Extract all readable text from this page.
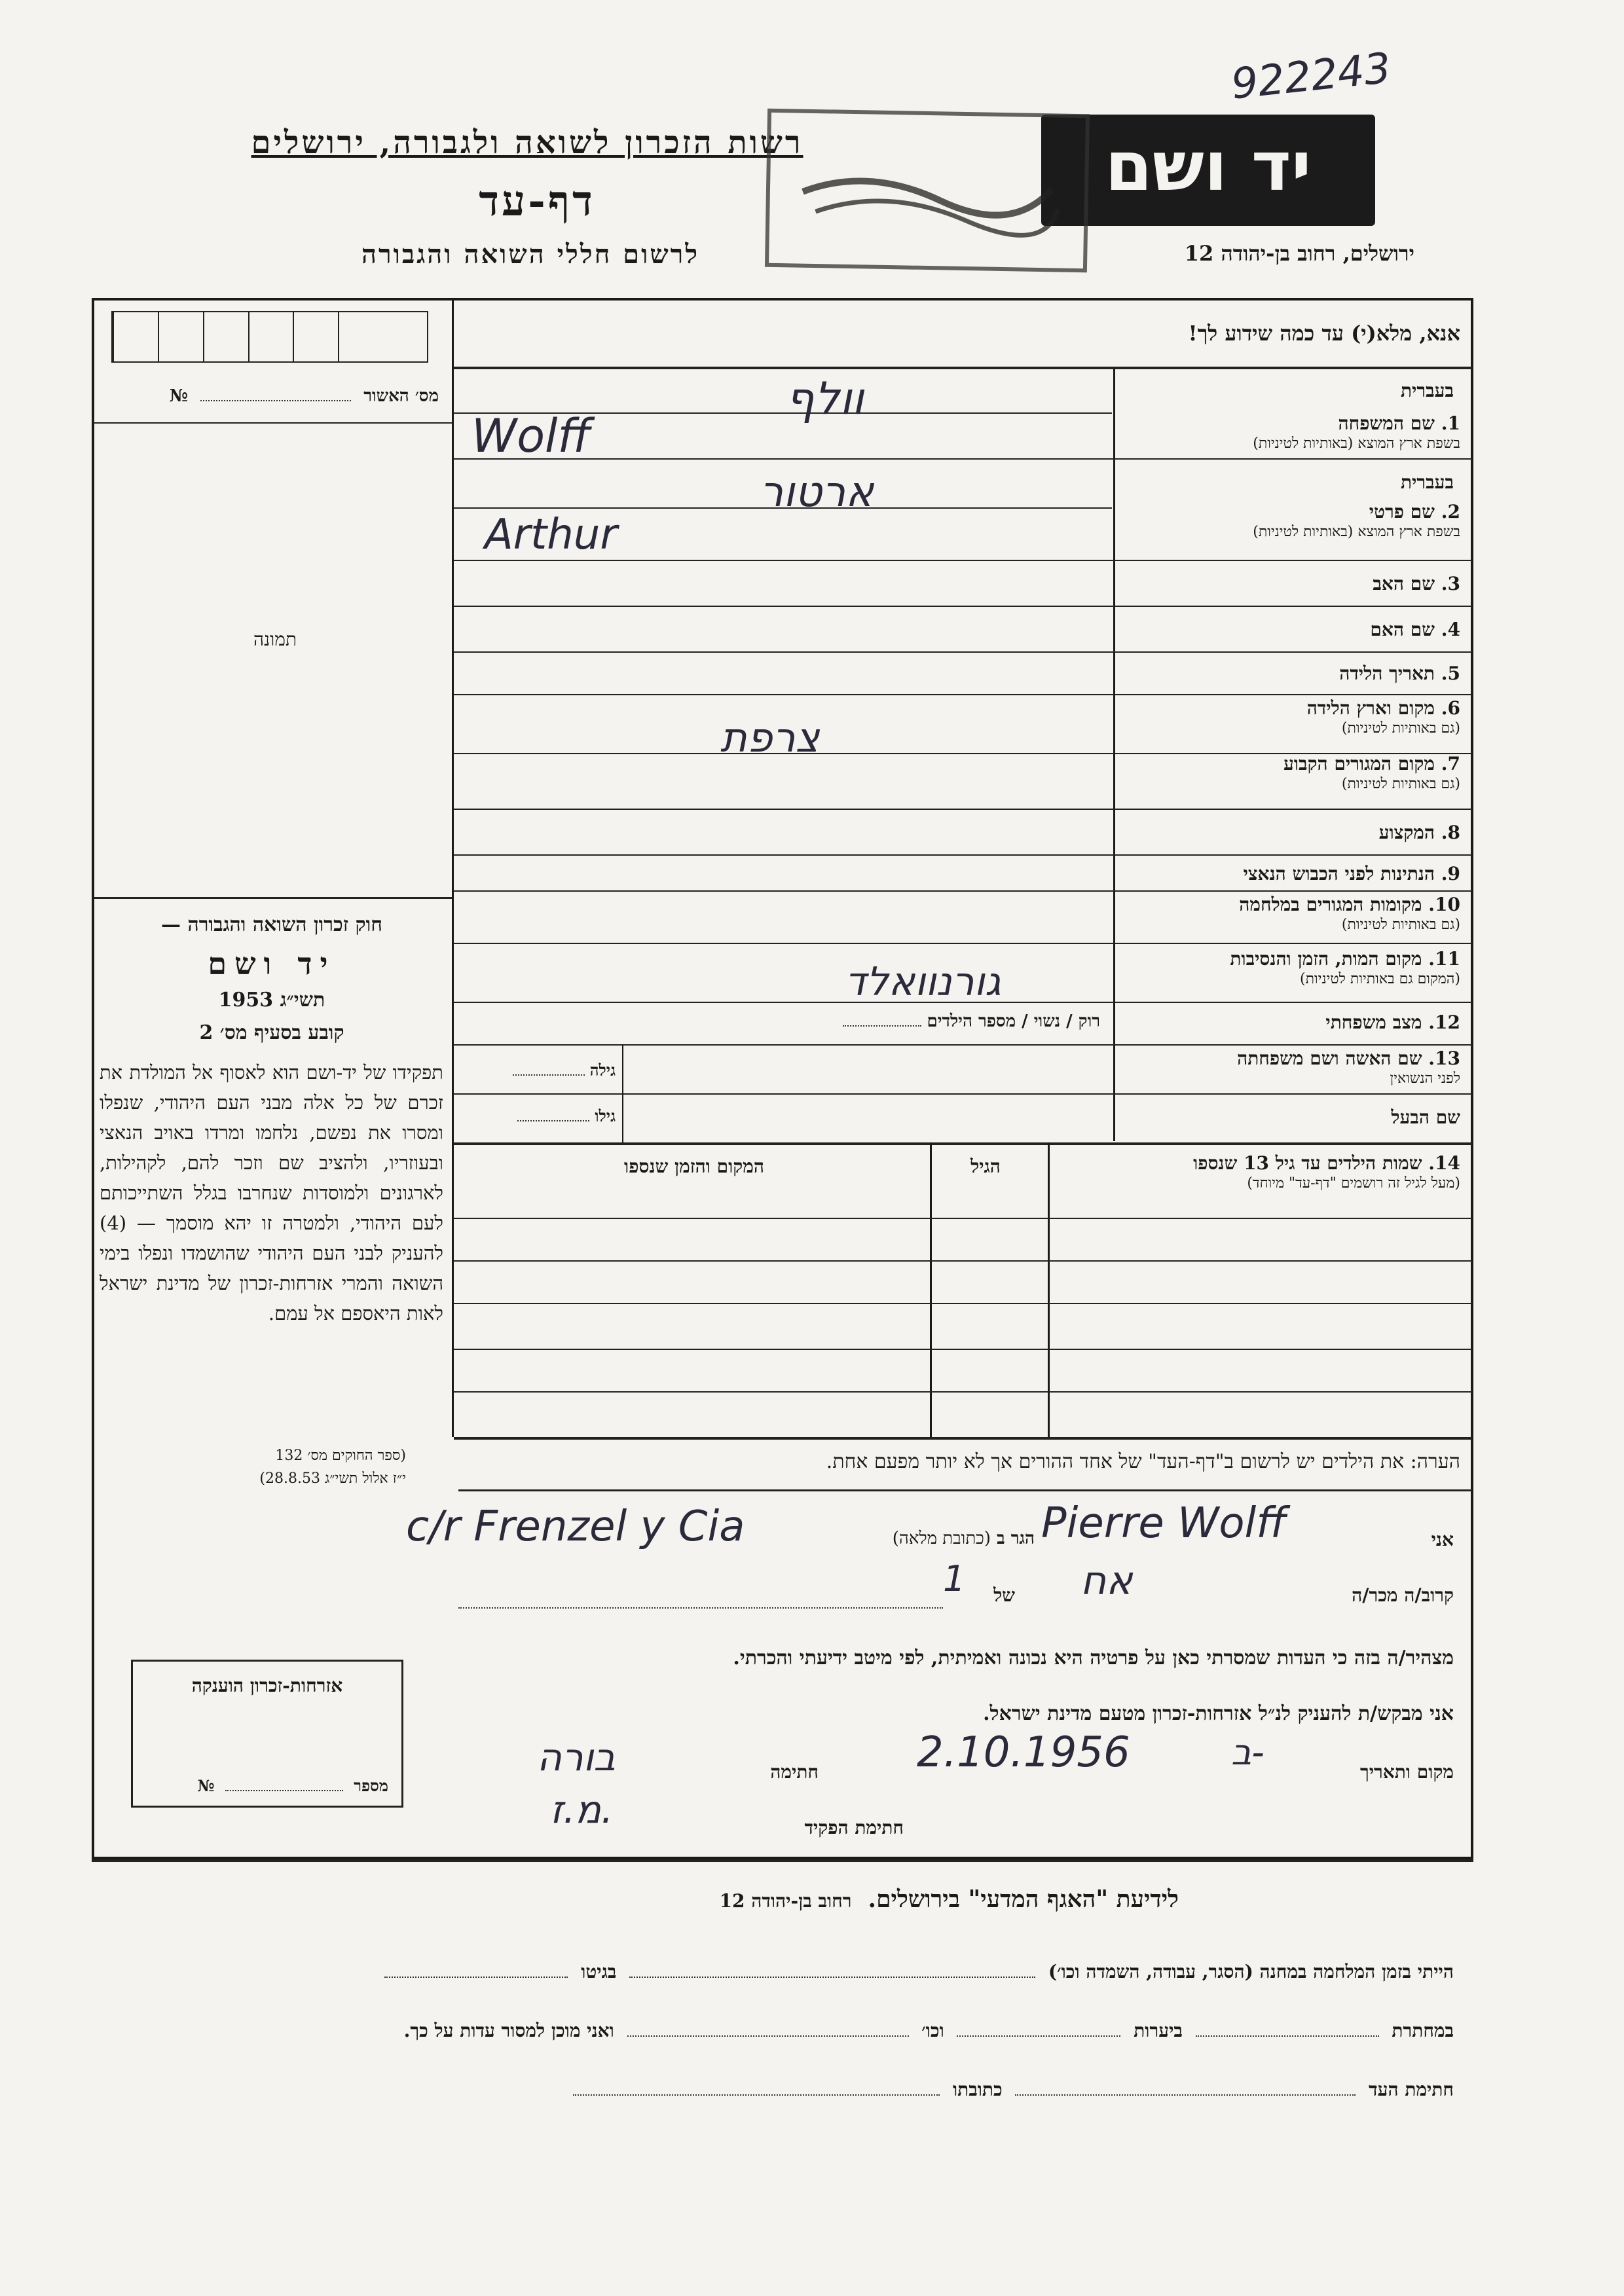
922243
רשות הזכרון לשואה ולגבורה, ירושלים	יד ושם
דף-עד
לרשום חללי השואה והגבורה	ירושלים, רחוב בן-יהודה 12
אנא, מלא(י) עד כמה שידוע לך!
מס׳ האשור  №
תמונה
בעברית
1. שם המשפחה
בשפת ארץ המוצא (באותיות לטיניות)
וולף
Wolff
בעברית
2. שם פרטי
בשפת ארץ המוצא (באותיות לטיניות)
ארטור
Arthur
3. שם האב
4. שם האם
5. תאריך הלידה
6. מקום וארץ הלידה
(גם באותיות לטיניות)
צרפת
7. מקום המגורים הקבוע
(גם באותיות לטיניות)
8. המקצוע
9. הנתינות לפני הכבוש הנאצי
10. מקומות המגורים במלחמה
(גם באותיות לטיניות)
11. מקום המות, הזמן והנסיבות
(המקום גם באותיות לטיניות)
גורנוואלד
12. מצב משפחתי
רוק / נשוי / מספר הילדים
13. שם האשה ושם משפחתה
לפני הנשואין
גילה
שם הבעל
גילו
14. שמות הילדים עד גיל 13 שנספו
(מעל לגיל זה רושמים "דף-עד" מיוחד)
הגיל
המקום והזמן שנספו
חוק זכרון השואה והגבורה —
יד ושם
תשי״ג 1953
קובע בסעיף מס׳ 2
תפקידו של יד-ושם הוא לאסוף אל המולדת את זכרם של כל אלה מבני העם היהודי, שנפלו ומסרו את נפשם, נלחמו ומרדו באויב הנאצי ובעוזריו, ולהציב שם וזכר להם, לקהילות, לארגונים ולמוסדות שנחרבו בגלל השתייכותם לעם היהודי, ולמטרה זו יהא מוסמך — (4) להעניק לבני העם היהודי שהושמדו ונפלו בימי השואה והמרי אזרחות-זכרון של מדינת ישראל לאות היאספם אל עמם.
(ספר החוקים מס׳ 132
י״ז אלול תשי״ג 28.8.53)
הערה: את הילדים יש לרשום ב"דף-העד" של אחד ההורים אך לא יותר מפעם אחת.
אני
Pierre Wolff
הגר ב (כתובת מלאה)
c/r Frenzel y Cia
קרוב/ה מכר/ה
אח
של
1
מצהיר/ה בזה כי העדות שמסרתי כאן על פרטיה היא נכונה ואמיתית, לפי מיטב ידיעתי והכרתי.
אני מבקש/ת להעניק לנ״ל אזרחות-זכרון מטעם מדינת ישראל.
מקום ותאריך
ב-
2.10.1956
חתימה
בורה
חתימת הפקיד
מ.ז.
אזרחות-זכרון הוענקה
מספר  №
לידיעת "האגף המדעי" בירושלים. רחוב בן-יהודה 12
הייתי בזמן המלחמה במחנה (הסגר, עבודה, השמדה וכו׳)  בגיטו
במחתרת  ביערות  וכו׳  ואני מוכן למסור עדות על כך.
חתימת העד  כתובתו
